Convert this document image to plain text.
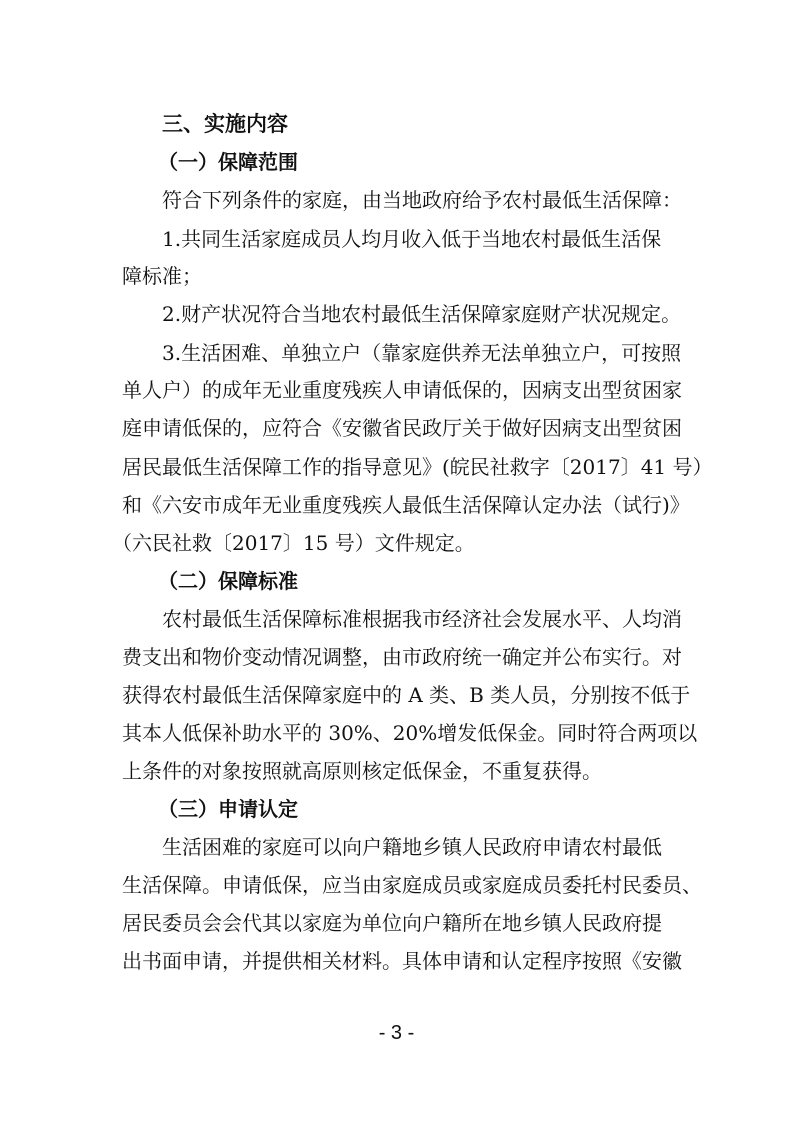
三、实施内容
（一）保障范围
符合下列条件的家庭，由当地政府给予农村最低生活保障：
1.共同生活家庭成员人均月收入低于当地农村最低生活保
障标准；
2.财产状况符合当地农村最低生活保障家庭财产状况规定。
3.生活困难、单独立户（靠家庭供养无法单独立户，可按照
单人户）的成年无业重度残疾人申请低保的，因病支出型贫困家
庭申请低保的，应符合《安徽省民政厅关于做好因病支出型贫困
居民最低生活保障工作的指导意见》(皖民社救字〔2017〕41 号）
和《六安市成年无业重度残疾人最低生活保障认定办法（试行)》
（六民社救〔2017〕15 号）文件规定。
（二）保障标准
农村最低生活保障标准根据我市经济社会发展水平、人均消
费支出和物价变动情况调整，由市政府统一确定并公布实行。对
获得农村最低生活保障家庭中的 A 类、B 类人员，分别按不低于
其本人低保补助水平的 30%、20%增发低保金。同时符合两项以
上条件的对象按照就高原则核定低保金，不重复获得。
（三）申请认定
生活困难的家庭可以向户籍地乡镇人民政府申请农村最低
生活保障。申请低保，应当由家庭成员或家庭成员委托村民委员、
居民委员会会代其以家庭为单位向户籍所在地乡镇人民政府提
出书面申请，并提供相关材料。具体申请和认定程序按照《安徽
- 3 -
